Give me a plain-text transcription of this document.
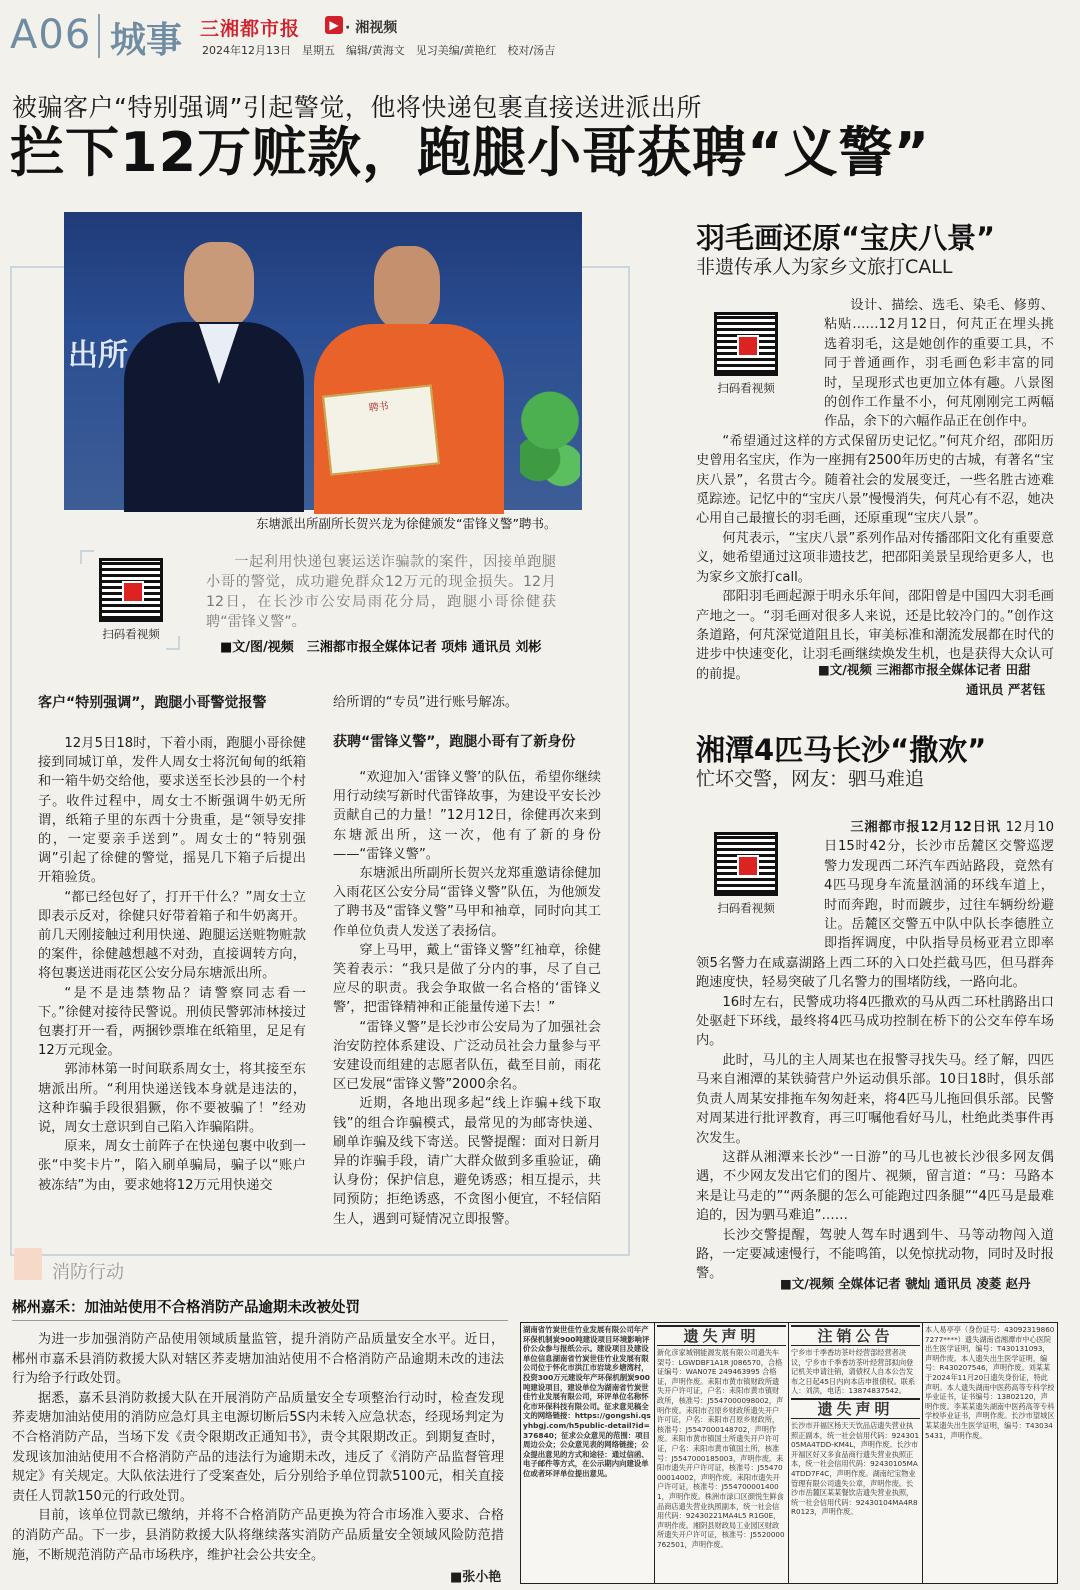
A06 城事 三湘都市报	▶ · 湘视频
2024年12月13日　星期五　编辑/黄海文　见习美编/黄艳红　校对/汤吉
被骗客户“特别强调”引起警觉，他将快递包裹直接送进派出所
拦下12万赃款，跑腿小哥获聘“义警”
出所
聘书
东塘派出所副所长贺兴龙为徐健颁发“雷锋义警”聘书。
扫码看视频
一起利用快递包裹运送诈骗款的案件，因接单跑腿小哥的警觉，成功避免群众12万元的现金损失。12月12日，在长沙市公安局雨花分局，跑腿小哥徐健获聘“雷锋义警”。
■文/图/视频　三湘都市报全媒体记者 项炜 通讯员 刘彬
客户“特别强调”，跑腿小哥警觉报警

12月5日18时，下着小雨，跑腿小哥徐健接到同城订单，发件人周女士将沉甸甸的纸箱和一箱牛奶交给他，要求送至长沙县的一个村子。收件过程中，周女士不断强调牛奶无所谓，纸箱子里的东西十分贵重，是“领导安排的，一定要亲手送到”。周女士的“特别强调”引起了徐健的警觉，摇晃几下箱子后提出开箱验货。

“都已经包好了，打开干什么？”周女士立即表示反对，徐健只好带着箱子和牛奶离开。前几天刚接触过利用快递、跑腿运送赃物赃款的案件，徐健越想越不对劲，直接调转方向，将包裹送进雨花区公安分局东塘派出所。

“是不是违禁物品？请警察同志看一下。”徐健对接待民警说。刑侦民警郭沛林接过包裹打开一看，两捆钞票堆在纸箱里，足足有12万元现金。

郭沛林第一时间联系周女士，将其接至东塘派出所。“利用快递送钱本身就是违法的，这种诈骗手段很猖獗，你不要被骗了！”经劝说，周女士意识到自己陷入诈骗陷阱。

原来，周女士前阵子在快递包裹中收到一张“中奖卡片”，陷入刷单骗局，骗子以“账户被冻结”为由，要求她将12万元用快递交

给所谓的“专员”进行账号解冻。
获聘“雷锋义警”，跑腿小哥有了新身份

“欢迎加入‘雷锋义警’的队伍，希望你继续用行动续写新时代雷锋故事，为建设平安长沙贡献自己的力量！”12月12日，徐健再次来到东塘派出所，这一次，他有了新的身份——“雷锋义警”。

东塘派出所副所长贺兴龙郑重邀请徐健加入雨花区公安分局“雷锋义警”队伍，为他颁发了聘书及“雷锋义警”马甲和袖章，同时向其工作单位负责人发送了表扬信。

穿上马甲，戴上“雷锋义警”红袖章，徐健笑着表示：“我只是做了分内的事，尽了自己应尽的职责。我会争取做一名合格的‘雷锋义警’，把雷锋精神和正能量传递下去！”

“雷锋义警”是长沙市公安局为了加强社会治安防控体系建设、广泛动员社会力量参与平安建设而组建的志愿者队伍，截至目前，雨花区已发展“雷锋义警”2000余名。

近期，各地出现多起“线上诈骗+线下取钱”的组合诈骗模式，最常见的为邮寄快递、刷单诈骗及线下寄送。民警提醒：面对日新月异的诈骗手段，请广大群众做到多重验证，确认身份；保护信息，避免诱惑；相互提示，共同预防；拒绝诱惑，不贪图小便宜，不轻信陌生人，遇到可疑情况立即报警。

羽毛画还原“宝庆八景”
非遗传承人为家乡文旅打CALL
扫码看视频

设计、描绘、选毛、染毛、修剪、粘贴……12月12日，何芃正在埋头挑选着羽毛，这是她创作的重要工具，不同于普通画作，羽毛画色彩丰富的同时，呈现形式也更加立体有趣。八景图的创作工作量不小，何芃刚刚完工两幅作品，余下的六幅作品正在创作中。

“希望通过这样的方式保留历史记忆。”何芃介绍，邵阳历史曾用名宝庆，作为一座拥有2500年历史的古城，有著名“宝庆八景”，名贯古今。随着社会的发展变迁，一些名胜古迹难觅踪迹。记忆中的“宝庆八景”慢慢消失，何芃心有不忍，她决心用自己最擅长的羽毛画，还原重现“宝庆八景”。

何芃表示，“宝庆八景”系列作品对传播邵阳文化有重要意义，她希望通过这项非遗技艺，把邵阳美景呈现给更多人，也为家乡文旅打call。

邵阳羽毛画起源于明永乐年间，邵阳曾是中国四大羽毛画产地之一。“羽毛画对很多人来说，还是比较冷门的。”创作这条道路，何芃深觉道阻且长，审美标准和潮流发展都在时代的进步中快速变化，让羽毛画继续焕发生机，也是获得大众认可的前提。	■文/视频 三湘都市报全媒体记者 田甜
通讯员 严茗钰
湘潭4匹马长沙“撒欢”
忙坏交警，网友：驷马难追
扫码看视频

三湘都市报12月12日讯 12月10日15时42分，长沙市岳麓区交警巡逻警力发现西二环汽车西站路段，竟然有4匹马现身车流量汹涌的环线车道上，时而奔跑，时而踱步，过往车辆纷纷避让。岳麓区交警五中队中队长李德胜立即指挥调度，中队指导员杨亚君立即率领5名警力在咸嘉湖路上西二环的入口处拦截马匹，但马群奔跑速度快，轻易突破了几名警力的围堵防线，一路向北。

16时左右，民警成功将4匹撒欢的马从西二环杜鹃路出口处驱赶下环线，最终将4匹马成功控制在桥下的公交车停车场内。

此时，马儿的主人周某也在报警寻找失马。经了解，四匹马来自湘潭的某铁骑营户外运动俱乐部。10日18时，俱乐部负责人周某安排拖车匆匆赶来，将4匹马儿拖回俱乐部。民警对周某进行批评教育，再三叮嘱他看好马儿，杜绝此类事件再次发生。

这群从湘潭来长沙“一日游”的马儿也被长沙很多网友偶遇，不少网友发出它们的图片、视频，留言道：“马：马路本来是让马走的”“两条腿的怎么可能跑过四条腿”“4匹马是最难追的，因为驷马难追”……

长沙交警提醒，驾驶人驾车时遇到牛、马等动物闯入道路，一定要减速慢行，不能鸣笛，以免惊扰动物，同时及时报警。

■文/视频 全媒体记者 虢灿 通讯员 凌菱 赵丹
消防行动
郴州嘉禾：加油站使用不合格消防产品逾期未改被处罚

为进一步加强消防产品使用领域质量监管，提升消防产品质量安全水平。近日，郴州市嘉禾县消防救援大队对辖区荞麦塘加油站使用不合格消防产品逾期未改的违法行为给予行政处罚。

据悉，嘉禾县消防救援大队在开展消防产品质量安全专项整治行动时，检查发现荞麦塘加油站使用的消防应急灯具主电源切断后5S内未转入应急状态，经现场判定为不合格消防产品，当场下发《责令限期改正通知书》，责令其限期改正。到期复查时，发现该加油站使用不合格消防产品的违法行为逾期未改，违反了《消防产品监督管理规定》有关规定。大队依法进行了受案查处，后分别给予单位罚款5100元，相关直接责任人罚款150元的行政处罚。

目前，该单位罚款已缴纳，并将不合格消防产品更换为符合市场准入要求、合格的消防产品。下一步，县消防救援大队将继续落实消防产品质量安全领域风险防范措施，不断规范消防产品市场秩序，维护社会公共安全。

■张小艳
湖南省竹炭世佳竹业发展有限公司年产环保机制炭900吨建设项目环境影响评价公众参与报纸公示。建设项目及建设单位信息湖南省竹炭世佳竹业发展有限公司位于怀化市洪江市岩垅乡塘湾村，投资300万元建设年产环保机制炭900吨建设项目，建设单位为湖南省竹炭世佳竹业发展有限公司，环评单位名称怀化市环保科技有限公司。征求意见稿全文的网络链接：https://gongshi.qsyhbgj.com/h5public-detail?id=376840；征求公众意见的范围：项目周边公众；公众意见表的网络链接；公众提出意见的方式和途径：通过信函、电子邮件等方式，在公示期内向建设单位或者环评单位提出意见。
遗失声明
新化彦家城钢能源发展有限公司遗失车架号：LGWDBF1A1R J086570，合格证编号：WAN07E 249463995 合格证，声明作废。耒阳市黄市镇财政所遗失开户许可证，户名：耒阳市黄市镇财政所，核准号：J5547000098002，声明作废。耒阳市召原乡财政所遗失开户许可证，户名：耒阳市召原乡财政所，核准号：J5547000148702，声明作废。耒阳市黄市镇国土所遗失开户许可证，户名：耒阳市黄市镇国土所，核准号：J5547000185003，声明作废。耒阳市遗失开户许可证，核准号：J5547000014002，声明作废。耒阳市遗失开户许可证，核准号：J5547000014001，声明作废。株洲市渌口区颜悦生鲜食品商店遗失营业执照副本，统一社会信用代码：92430221MA4L5 R1G0E，声明作废。湘阴县财政局工业园区财政所遗失开户许可证，核准号：J5520000762501，声明作废。
注销公告
宁乡市千季香坊茶叶经营部经营者决议，宁乡市千季香坊茶叶经营部拟向登记机关申请注销，请债权人自本公告发布之日起45日内向本店申报债权。联系人：刘洪，电话：13874837542。
遗失声明
长沙市开福区杨天天饮品店遗失营业执照正副本，统一社会信用代码：92430105MA4TDD-KM4L，声明作废。长沙市开福区好又多食品商行遗失营业执照正本，统一社会信用代码：92430105MA4TDD7F4C，声明作废。湖南纪宝物业管理有限公司遗失公章，声明作废。长沙市岳麓区某某餐饮店遗失营业执照，统一社会信用代码：92430104MA4R8R0123，声明作废。
本人易亭亭（身份证号：430923198607277****）遗失湖南省湘潭市中心医院出生医学证明，编号：T430131093，声明作废。本人遗失出生医学证明，编号：R430207546，声明作废。刘某某于2024年11月20日遗失身份证，特此声明。本人遗失湖南中医药高等专科学校毕业证书，证书编号：13802120，声明作废。李某某遗失湖南中医药高等专科学校毕业证书，声明作废。长沙市望城区某某遗失出生医学证明，编号：T430345431，声明作废。
